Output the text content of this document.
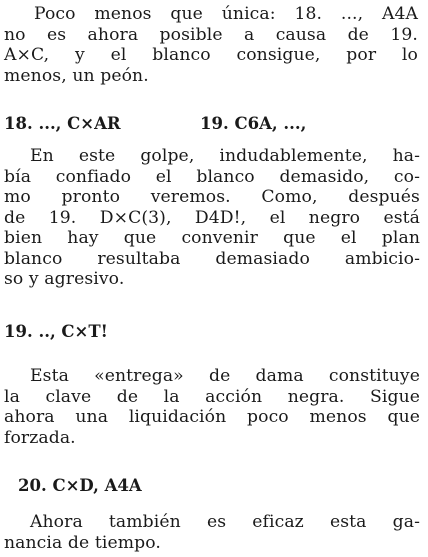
Poco menos que única: 18. ..., A4A
no es ahora posible a causa de 19.
A×C, y el blanco consigue, por lo
menos, un peón.
18. ..., C×AR	19. C6A, ...,
En este golpe, indudablemente, ha-
bía confiado el blanco demasido, co-
mo pronto veremos. Como, después
de 19. D×C(3), D4D!, el negro está
bien hay que convenir que el plan
blanco resultaba demasiado ambicio-
so y agresivo.
19. .., C×T!
Esta «entrega» de dama constituye
la clave de la acción negra. Sigue
ahora una liquidación poco menos que
forzada.
20. C×D, A4A
Ahora también es eficaz esta ga-
nancia de tiempo.
